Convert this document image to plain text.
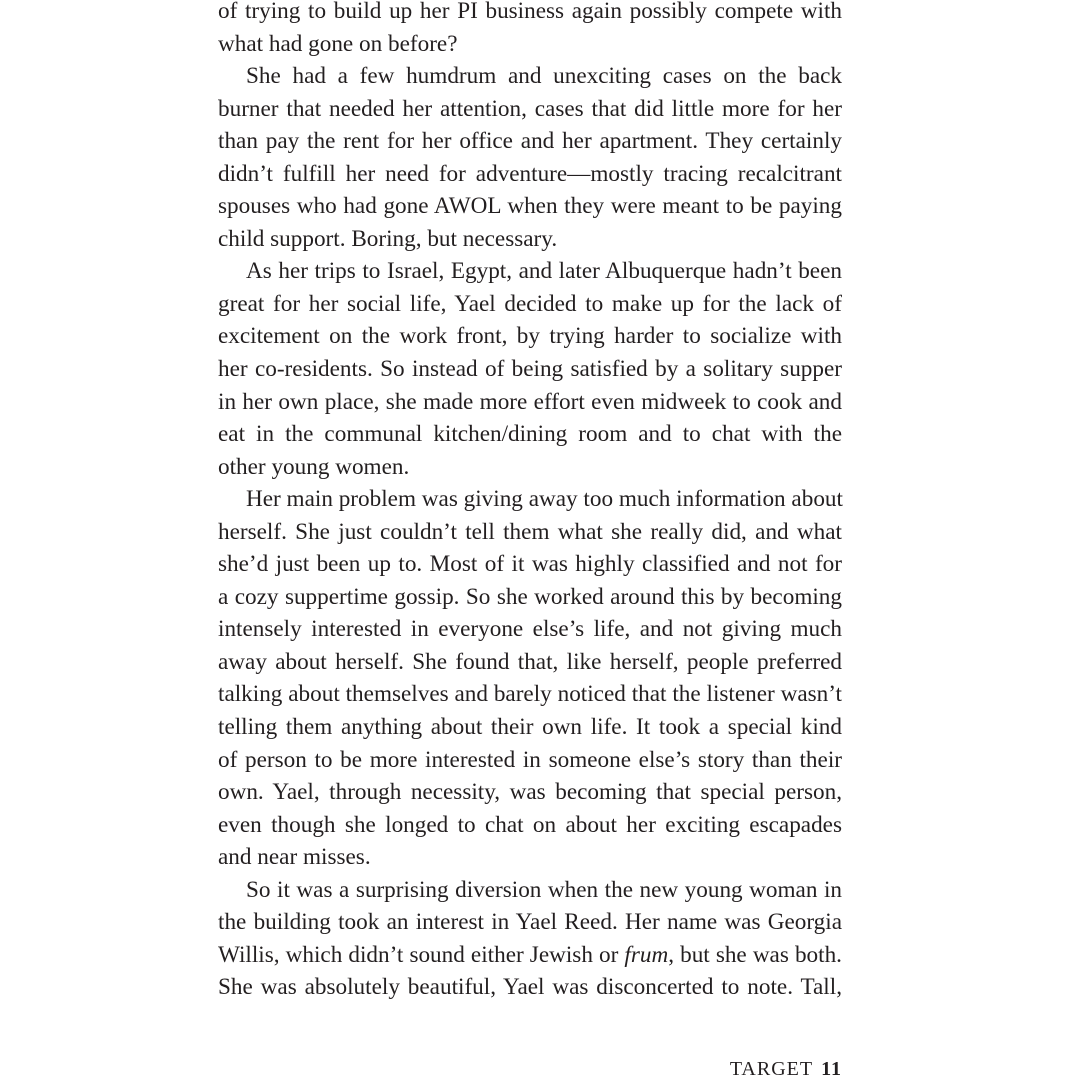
of trying to build up her PI business again possibly compete with
what had gone on before?
She had a few humdrum and unexciting cases on the back
burner that needed her attention, cases that did little more for her
than pay the rent for her office and her apartment. They certainly
didn’t fulfill her need for adventure—mostly tracing recalcitrant
spouses who had gone AWOL when they were meant to be paying
child support. Boring, but necessary.
As her trips to Israel, Egypt, and later Albuquerque hadn’t been
great for her social life, Yael decided to make up for the lack of
excitement on the work front, by trying harder to socialize with
her co-residents. So instead of being satisfied by a solitary supper
in her own place, she made more effort even midweek to cook and
eat in the communal kitchen/dining room and to chat with the
other young women.
Her main problem was giving away too much information about
herself. She just couldn’t tell them what she really did, and what
she’d just been up to. Most of it was highly classified and not for
a cozy suppertime gossip. So she worked around this by becoming
intensely interested in everyone else’s life, and not giving much
away about herself. She found that, like herself, people preferred
talking about themselves and barely noticed that the listener wasn’t
telling them anything about their own life. It took a special kind
of person to be more interested in someone else’s story than their
own. Yael, through necessity, was becoming that special person,
even though she longed to chat on about her exciting escapades
and near misses.
So it was a surprising diversion when the new young woman in
the building took an interest in Yael Reed. Her name was Georgia
Willis, which didn’t sound either Jewish or frum, but she was both.
She was absolutely beautiful, Yael was disconcerted to note. Tall,
TARGET 11
